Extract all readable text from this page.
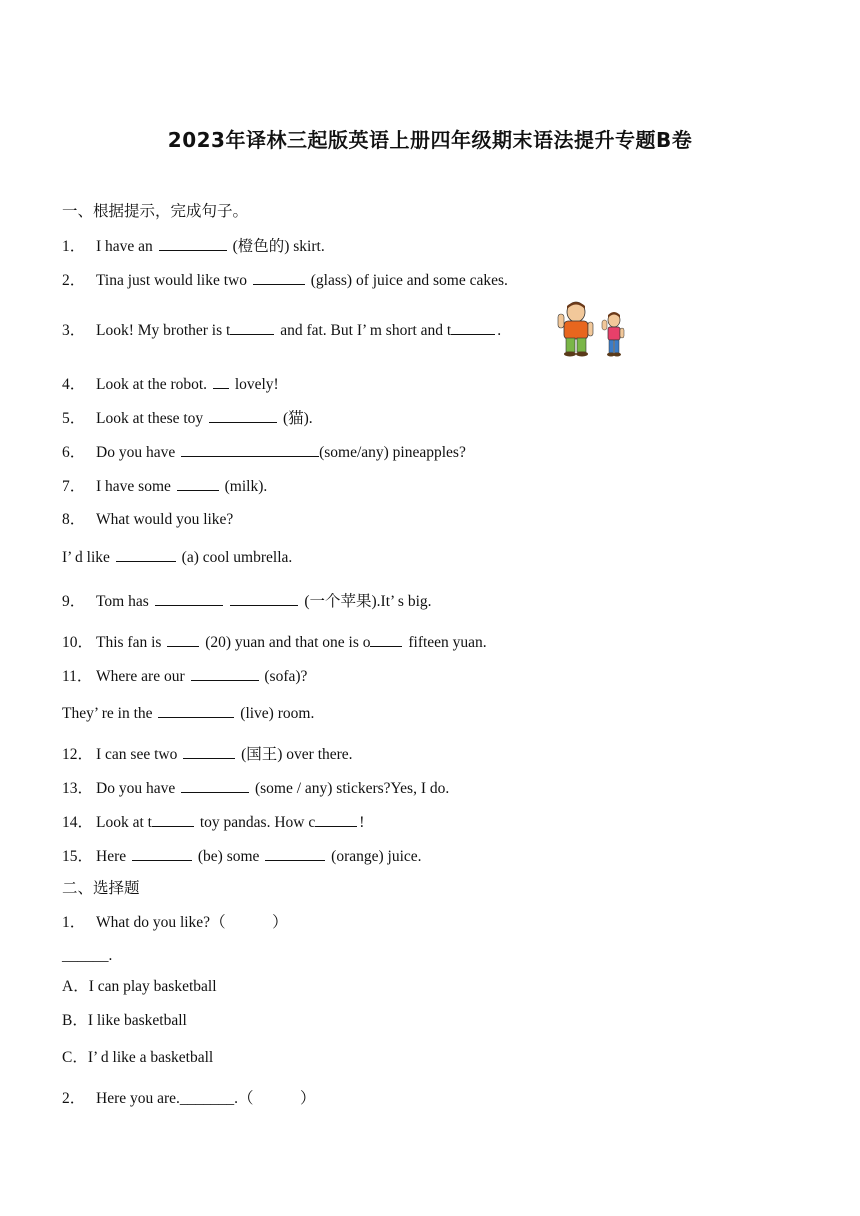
2023年译林三起版英语上册四年级期末语法提升专题B卷
一、根据提示，完成句子。
1． I have an	(橙色的) skirt.
2． Tina just would like two	(glass) of juice and some cakes.
3． Look! My brother is t	and fat. But I’ m short and t	.
4． Look at the robot. lovely!
5． Look at these toy	(猫).
6． Do you have	(some/any) pineapples?
7． I have some	(milk).
8． What would you like?
I’ d like	(a) cool umbrella.
9． Tom has	(一个苹果).It’ s big.
10． This fan is	(20) yuan and that one is o fifteen yuan.
11． Where are our	(sofa)?
They’ re in the	(live) room.
12． I can see two	(国王) over there.
13． Do you have	(some / any) stickers?Yes, I do.
14． Look at t	toy pandas. How c	!
15． Here	(be) some	(orange) juice.
二、选择题
1． What do you like?（　　　）
______.
A．I can play basketball
B．I like basketball
C．I’ d like a basketball
2． Here you are._______.（　　　）
